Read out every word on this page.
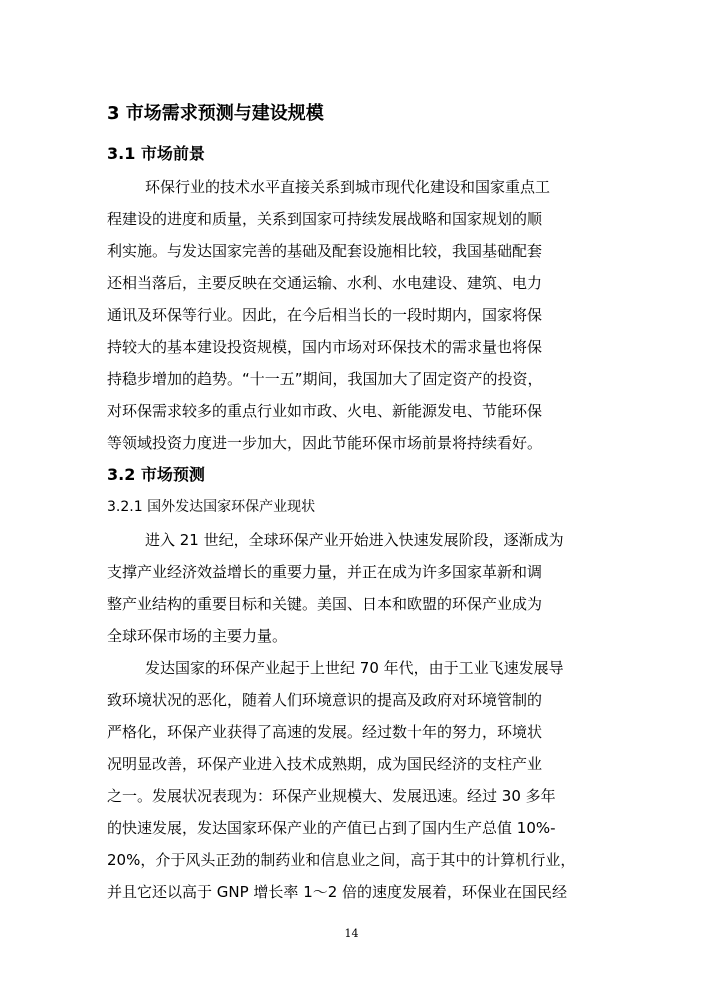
3 市场需求预测与建设规模
3.1 市场前景
环保行业的技术水平直接关系到城市现代化建设和国家重点工
程建设的进度和质量，关系到国家可持续发展战略和国家规划的顺
利实施。与发达国家完善的基础及配套设施相比较，我国基础配套
还相当落后，主要反映在交通运输、水利、水电建设、建筑、电力
通讯及环保等行业。因此，在今后相当长的一段时期内，国家将保
持较大的基本建设投资规模，国内市场对环保技术的需求量也将保
持稳步增加的趋势。“十一五”期间，我国加大了固定资产的投资，
对环保需求较多的重点行业如市政、火电、新能源发电、节能环保
等领域投资力度进一步加大，因此节能环保市场前景将持续看好。
3.2 市场预测
3.2.1 国外发达国家环保产业现状
进入 21 世纪，全球环保产业开始进入快速发展阶段，逐渐成为
支撑产业经济效益增长的重要力量，并正在成为许多国家革新和调
整产业结构的重要目标和关键。美国、日本和欧盟的环保产业成为
全球环保市场的主要力量。
发达国家的环保产业起于上世纪 70 年代，由于工业飞速发展导
致环境状况的恶化，随着人们环境意识的提高及政府对环境管制的
严格化，环保产业获得了高速的发展。经过数十年的努力，环境状
况明显改善，环保产业进入技术成熟期，成为国民经济的支柱产业
之一。发展状况表现为：环保产业规模大、发展迅速。经过 30 多年
的快速发展，发达国家环保产业的产值已占到了国内生产总值 10%-
20%，介于风头正劲的制药业和信息业之间，高于其中的计算机行业，
并且它还以高于 GNP 增长率 1～2 倍的速度发展着，环保业在国民经
14
